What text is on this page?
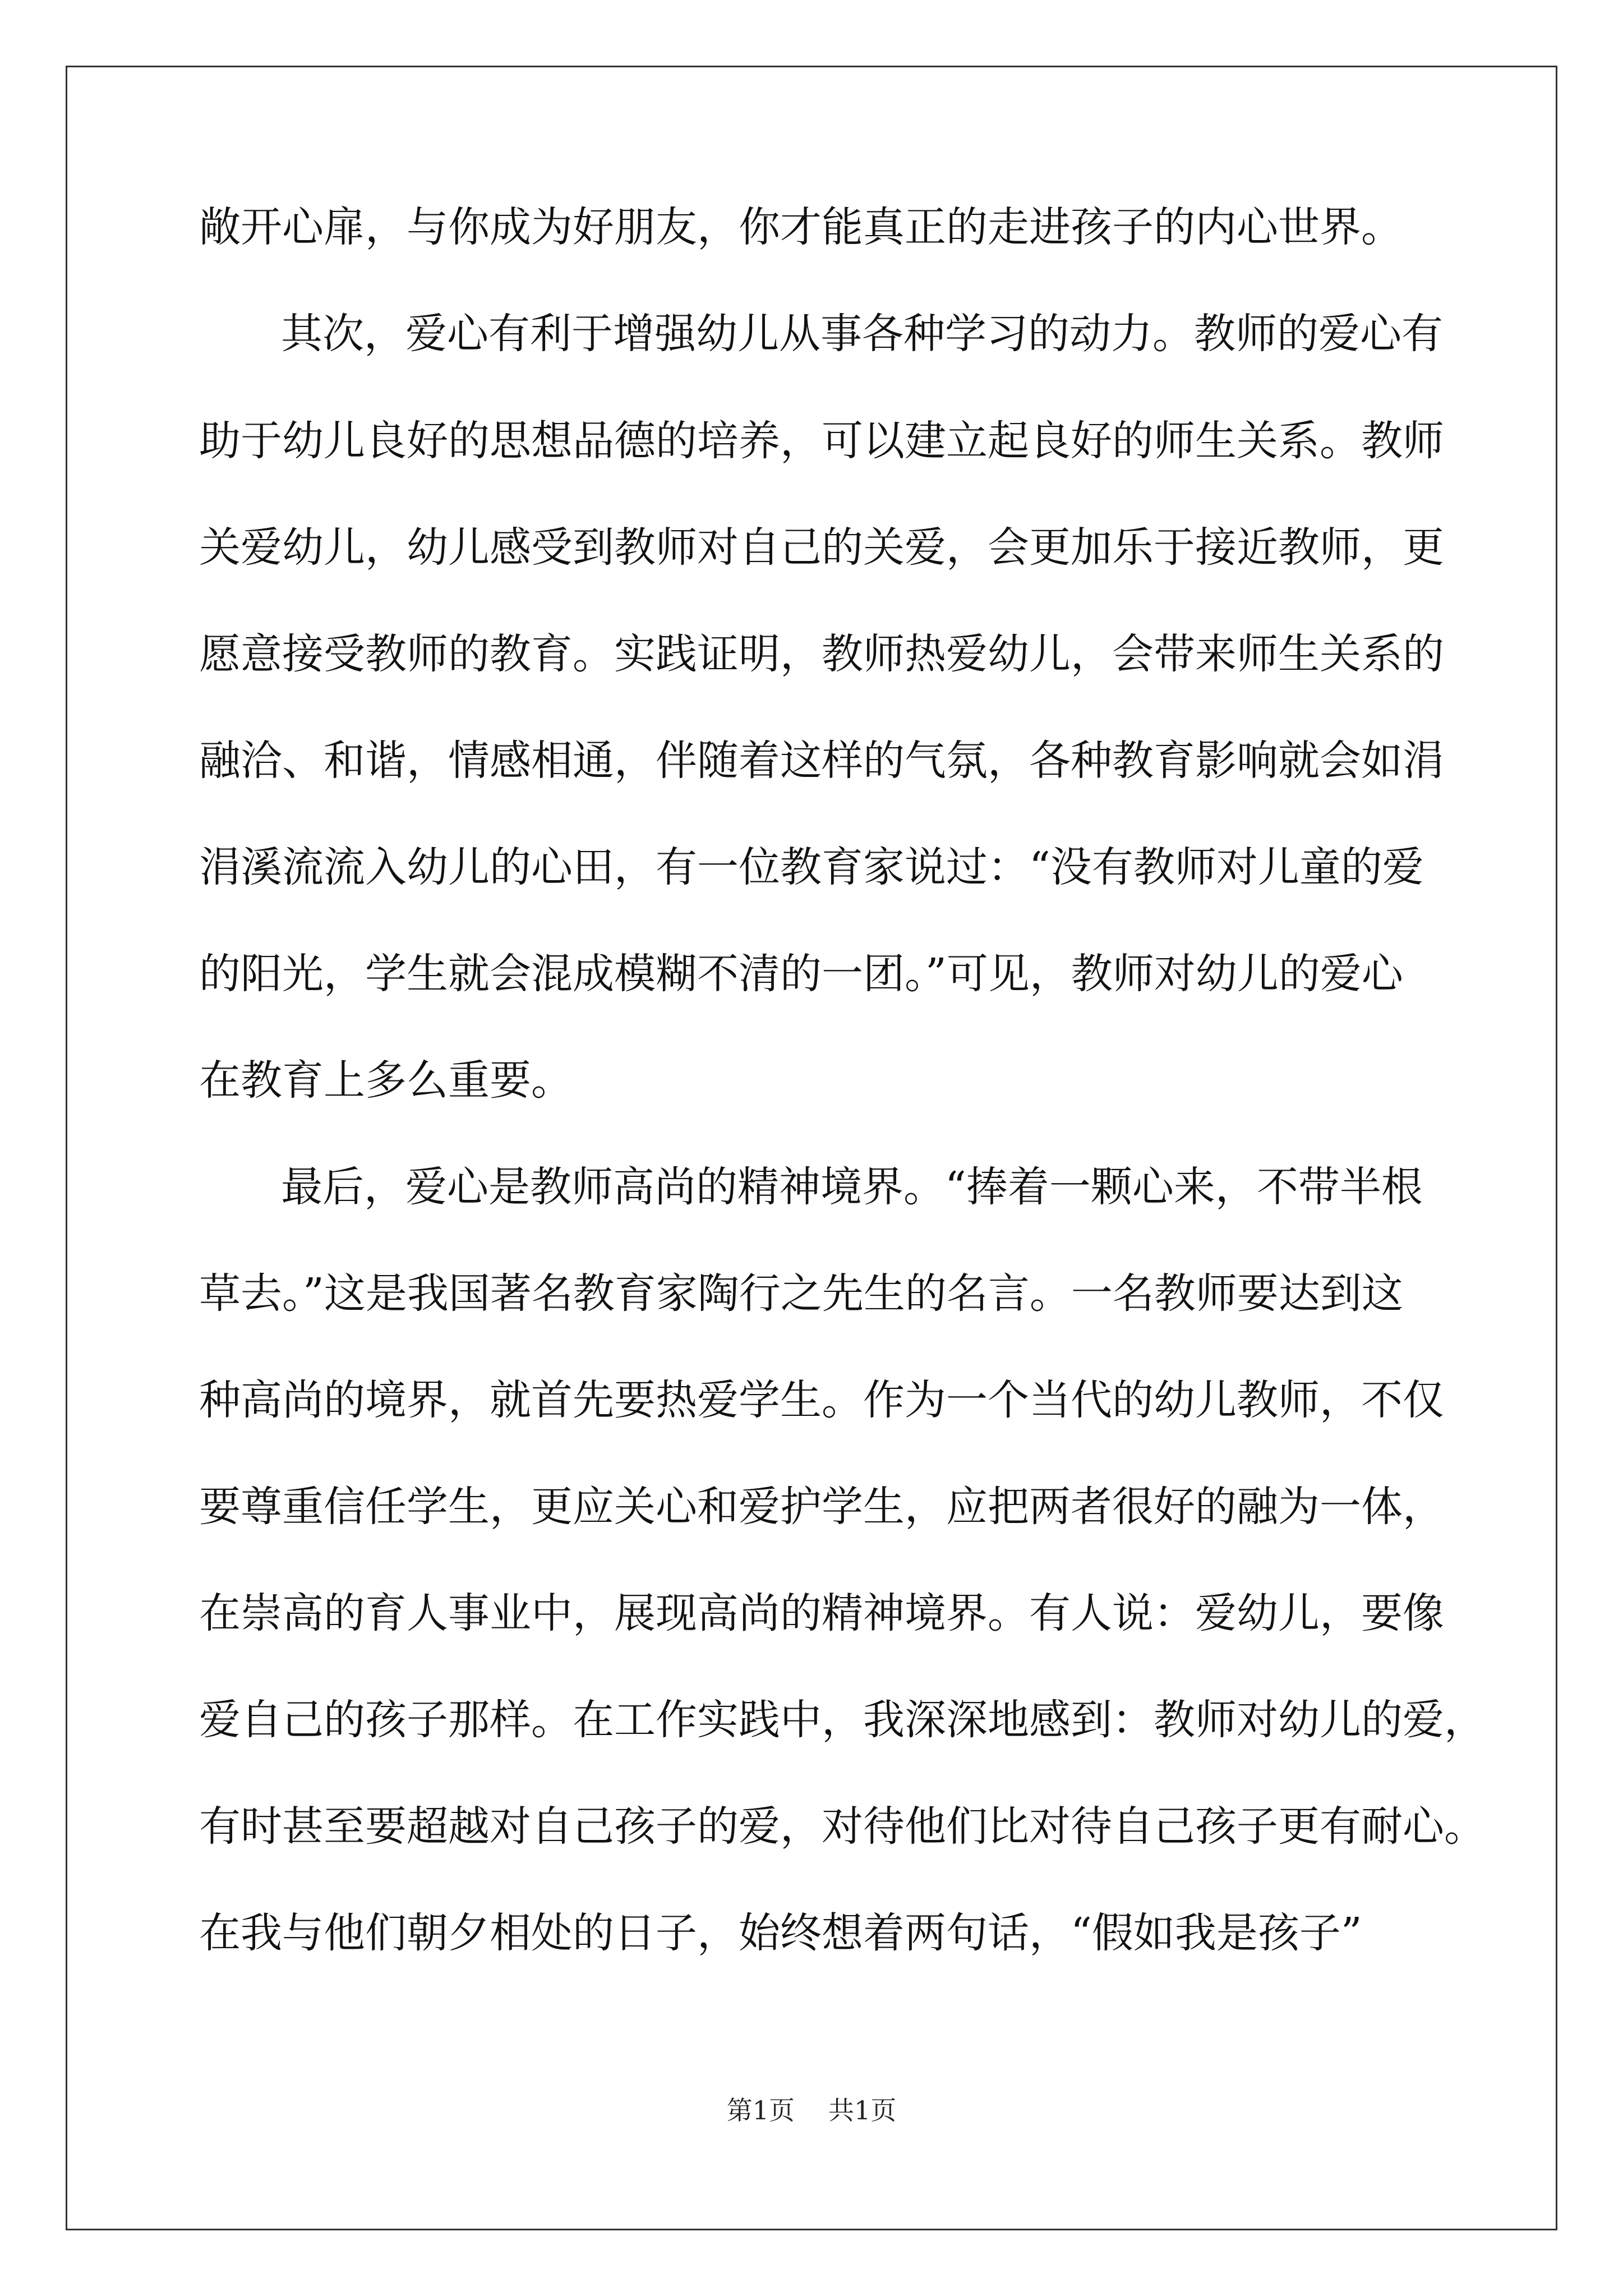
敞开心扉，与你成为好朋友，你才能真正的走进孩子的内心世界。
其次，爱心有利于增强幼儿从事各种学习的动力。教师的爱心有
助于幼儿良好的思想品德的培养，可以建立起良好的师生关系。教师
关爱幼儿，幼儿感受到教师对自己的关爱，会更加乐于接近教师，更
愿意接受教师的教育。实践证明，教师热爱幼儿，会带来师生关系的
融洽、和谐，情感相通，伴随着这样的气氛，各种教育影响就会如涓
涓溪流流入幼儿的心田，有一位教育家说过：“没有教师对儿童的爱
的阳光，学生就会混成模糊不清的一团。”可见，教师对幼儿的爱心
在教育上多么重要。
最后，爱心是教师高尚的精神境界。“捧着一颗心来，不带半根
草去。”这是我国著名教育家陶行之先生的名言。一名教师要达到这
种高尚的境界，就首先要热爱学生。作为一个当代的幼儿教师，不仅
要尊重信任学生，更应关心和爱护学生，应把两者很好的融为一体，
在崇高的育人事业中，展现高尚的精神境界。有人说：爱幼儿，要像
爱自己的孩子那样。在工作实践中，我深深地感到：教师对幼儿的爱，
有时甚至要超越对自己孩子的爱，对待他们比对待自己孩子更有耐心。
在我与他们朝夕相处的日子，始终想着两句话，“假如我是孩子”
第1页 共1页
